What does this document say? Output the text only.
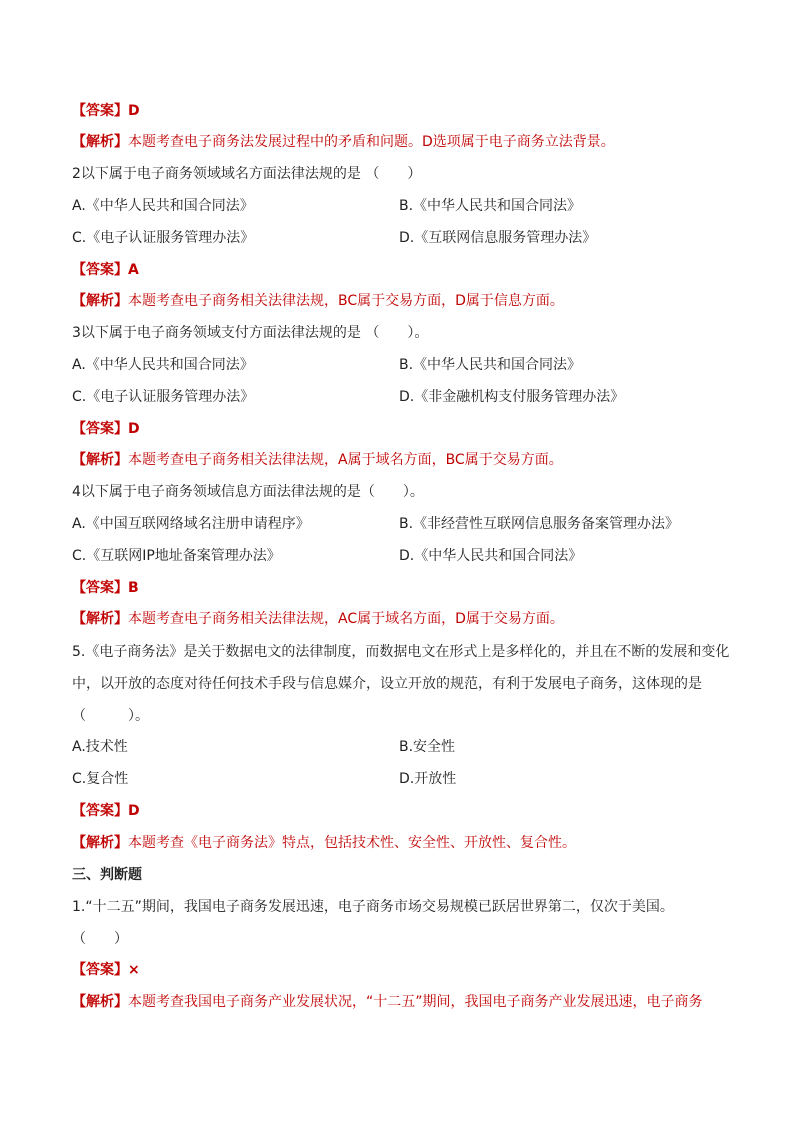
【答案】D
【解析】本题考查电子商务法发展过程中的矛盾和问题。D选项属于电子商务立法背景。
2以下属于电子商务领域域名方面法律法规的是 （　　）
A.《中华人民共和国合同法》	B.《中华人民共和国合同法》
C.《电子认证服务管理办法》	D.《互联网信息服务管理办法》
【答案】A
【解析】本题考查电子商务相关法律法规，BC属于交易方面，D属于信息方面。
3以下属于电子商务领域支付方面法律法规的是 （　　）。
A.《中华人民共和国合同法》	B.《中华人民共和国合同法》
C.《电子认证服务管理办法》	D.《非金融机构支付服务管理办法》
【答案】D
【解析】本题考查电子商务相关法律法规，A属于域名方面，BC属于交易方面。
4以下属于电子商务领域信息方面法律法规的是（　　）。
A.《中国互联网络域名注册申请程序》	B.《非经营性互联网信息服务备案管理办法》
C.《互联网IP地址备案管理办法》	D.《中华人民共和国合同法》
【答案】B
【解析】本题考查电子商务相关法律法规，AC属于域名方面，D属于交易方面。
5.《电子商务法》是关于数据电文的法律制度，而数据电文在形式上是多样化的，并且在不断的发展和变化
中，以开放的态度对待任何技术手段与信息媒介，设立开放的规范，有利于发展电子商务，这体现的是
（　　　）。
A.技术性	B.安全性
C.复合性	D.开放性
【答案】D
【解析】本题考查《电子商务法》特点，包括技术性、安全性、开放性、复合性。
三、判断题
1.“十二五”期间，我国电子商务发展迅速，电子商务市场交易规模已跃居世界第二，仅次于美国。
（　　）
【答案】×
【解析】本题考查我国电子商务产业发展状况，“十二五”期间，我国电子商务产业发展迅速，电子商务
